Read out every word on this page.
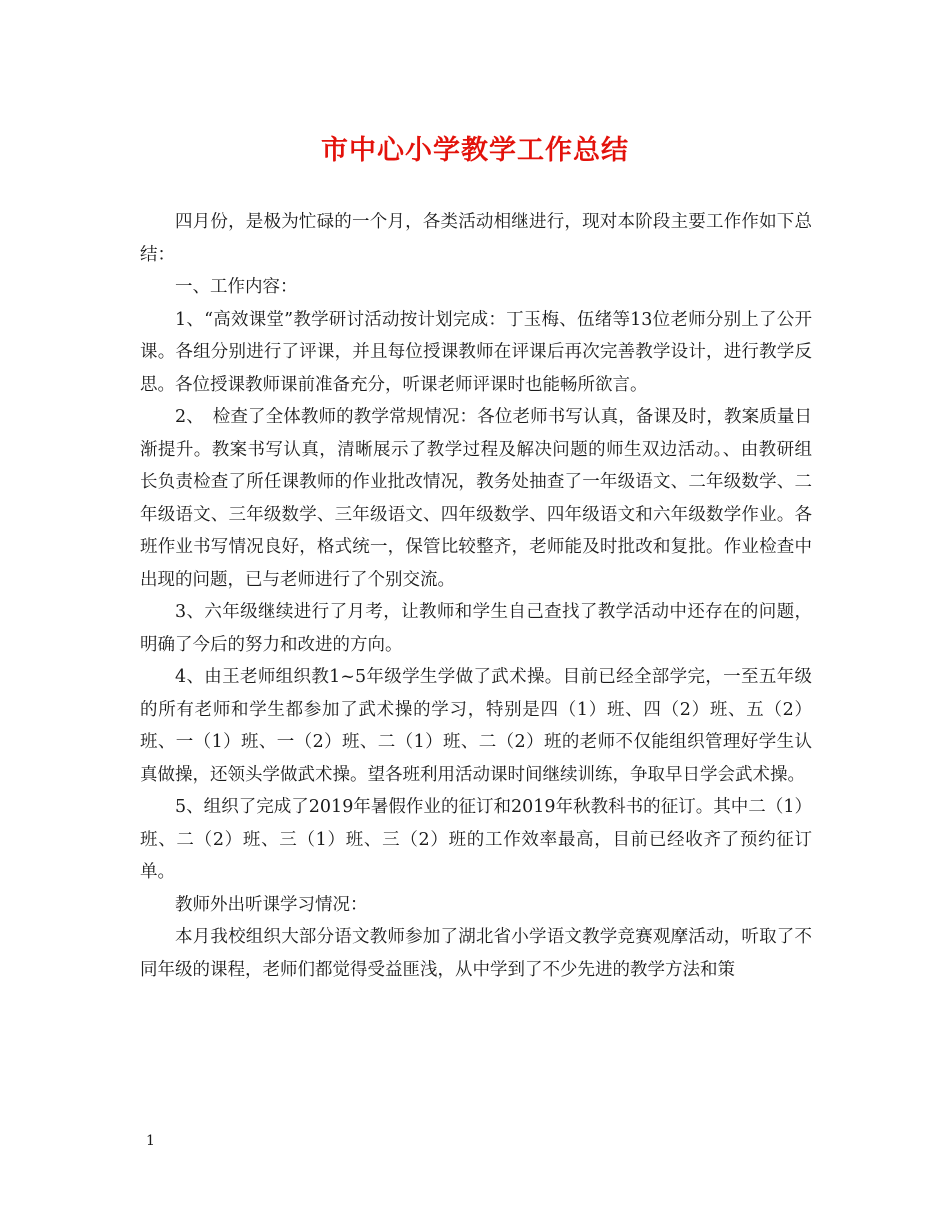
市中心小学教学工作总结

四月份，是极为忙碌的一个月，各类活动相继进行，现对本阶段主要工作作如下总结：

一、工作内容：

1、“高效课堂”教学研讨活动按计划完成：丁玉梅、伍绪等13位老师分别上了公开课。各组分别进行了评课，并且每位授课教师在评课后再次完善教学设计，进行教学反思。各位授课教师课前准备充分，听课老师评课时也能畅所欲言。

2、　检查了全体教师的教学常规情况：各位老师书写认真，备课及时，教案质量日渐提升。教案书写认真，清晰展示了教学过程及解决问题的师生双边活动。、由教研组长负责检查了所任课教师的作业批改情况，教务处抽查了一年级语文、二年级数学、二年级语文、三年级数学、三年级语文、四年级数学、四年级语文和六年级数学作业。各班作业书写情况良好，格式统一，保管比较整齐，老师能及时批改和复批。作业检查中出现的问题，已与老师进行了个别交流。

3、六年级继续进行了月考，让教师和学生自己查找了教学活动中还存在的问题，明确了今后的努力和改进的方向。

4、由王老师组织教1~5年级学生学做了武术操。目前已经全部学完，一至五年级的所有老师和学生都参加了武术操的学习，特别是四（1）班、四（2）班、五（2）班、一（1）班、一（2）班、二（1）班、二（2）班的老师不仅能组织管理好学生认真做操，还领头学做武术操。望各班利用活动课时间继续训练，争取早日学会武术操。

5、组织了完成了2019年暑假作业的征订和2019年秋教科书的征订。其中二（1）班、二（2）班、三（1）班、三（2）班的工作效率最高，目前已经收齐了预约征订单。

教师外出听课学习情况：

本月我校组织大部分语文教师参加了湖北省小学语文教学竞赛观摩活动，听取了不同年级的课程，老师们都觉得受益匪浅，从中学到了不少先进的教学方法和策

1
